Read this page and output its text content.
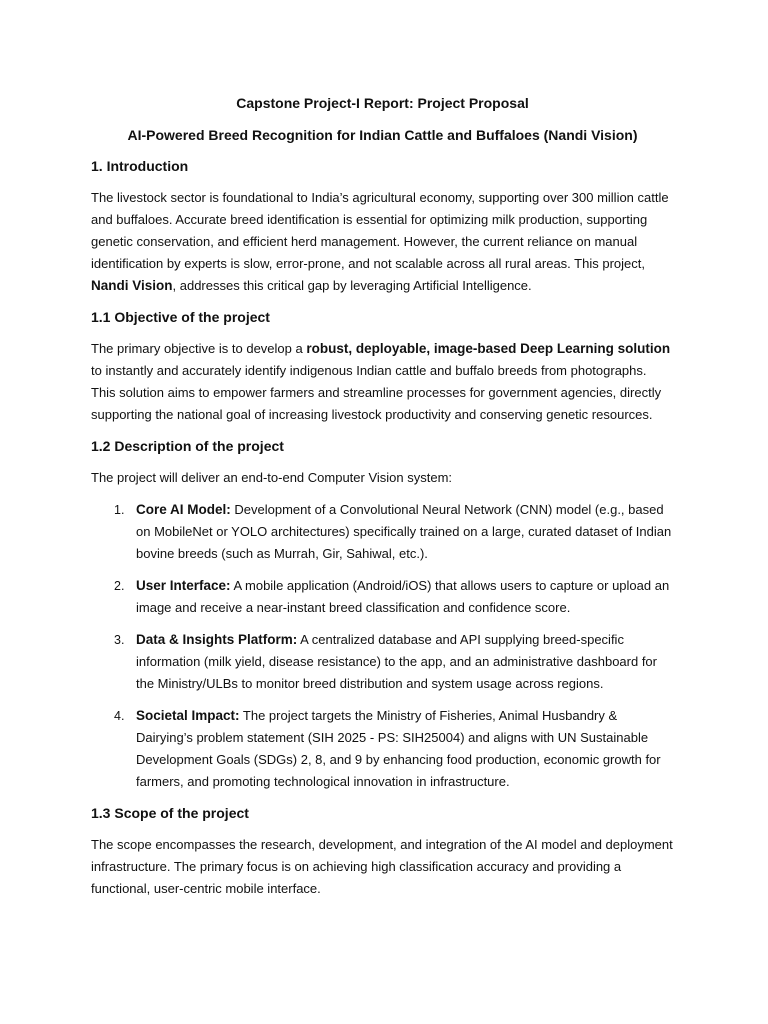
Capstone Project-I Report: Project Proposal
AI-Powered Breed Recognition for Indian Cattle and Buffaloes (Nandi Vision)
1. Introduction

The livestock sector is foundational to India’s agricultural economy, supporting over 300 million cattle and buffaloes. Accurate breed identification is essential for optimizing milk production, supporting genetic conservation, and efficient herd management. However, the current reliance on manual identification by experts is slow, error-prone, and not scalable across all rural areas. This project, Nandi Vision, addresses this critical gap by leveraging Artificial Intelligence.

1.1 Objective of the project

The primary objective is to develop a robust, deployable, image-based Deep Learning solution to instantly and accurately identify indigenous Indian cattle and buffalo breeds from photographs. This solution aims to empower farmers and streamline processes for government agencies, directly supporting the national goal of increasing livestock productivity and conserving genetic resources.

1.2 Description of the project

The project will deliver an end-to-end Computer Vision system:

1. Core AI Model: Development of a Convolutional Neural Network (CNN) model (e.g., based on MobileNet or YOLO architectures) specifically trained on a large, curated dataset of Indian bovine breeds (such as Murrah, Gir, Sahiwal, etc.).
2. User Interface: A mobile application (Android/iOS) that allows users to capture or upload an image and receive a near-instant breed classification and confidence score.
3. Data & Insights Platform: A centralized database and API supplying breed-specific information (milk yield, disease resistance) to the app, and an administrative dashboard for the Ministry/ULBs to monitor breed distribution and system usage across regions.
4. Societal Impact: The project targets the Ministry of Fisheries, Animal Husbandry & Dairying’s problem statement (SIH 2025 - PS: SIH25004) and aligns with UN Sustainable Development Goals (SDGs) 2, 8, and 9 by enhancing food production, economic growth for farmers, and promoting technological innovation in infrastructure.
1.3 Scope of the project

The scope encompasses the research, development, and integration of the AI model and deployment infrastructure. The primary focus is on achieving high classification accuracy and providing a functional, user-centric mobile interface.
